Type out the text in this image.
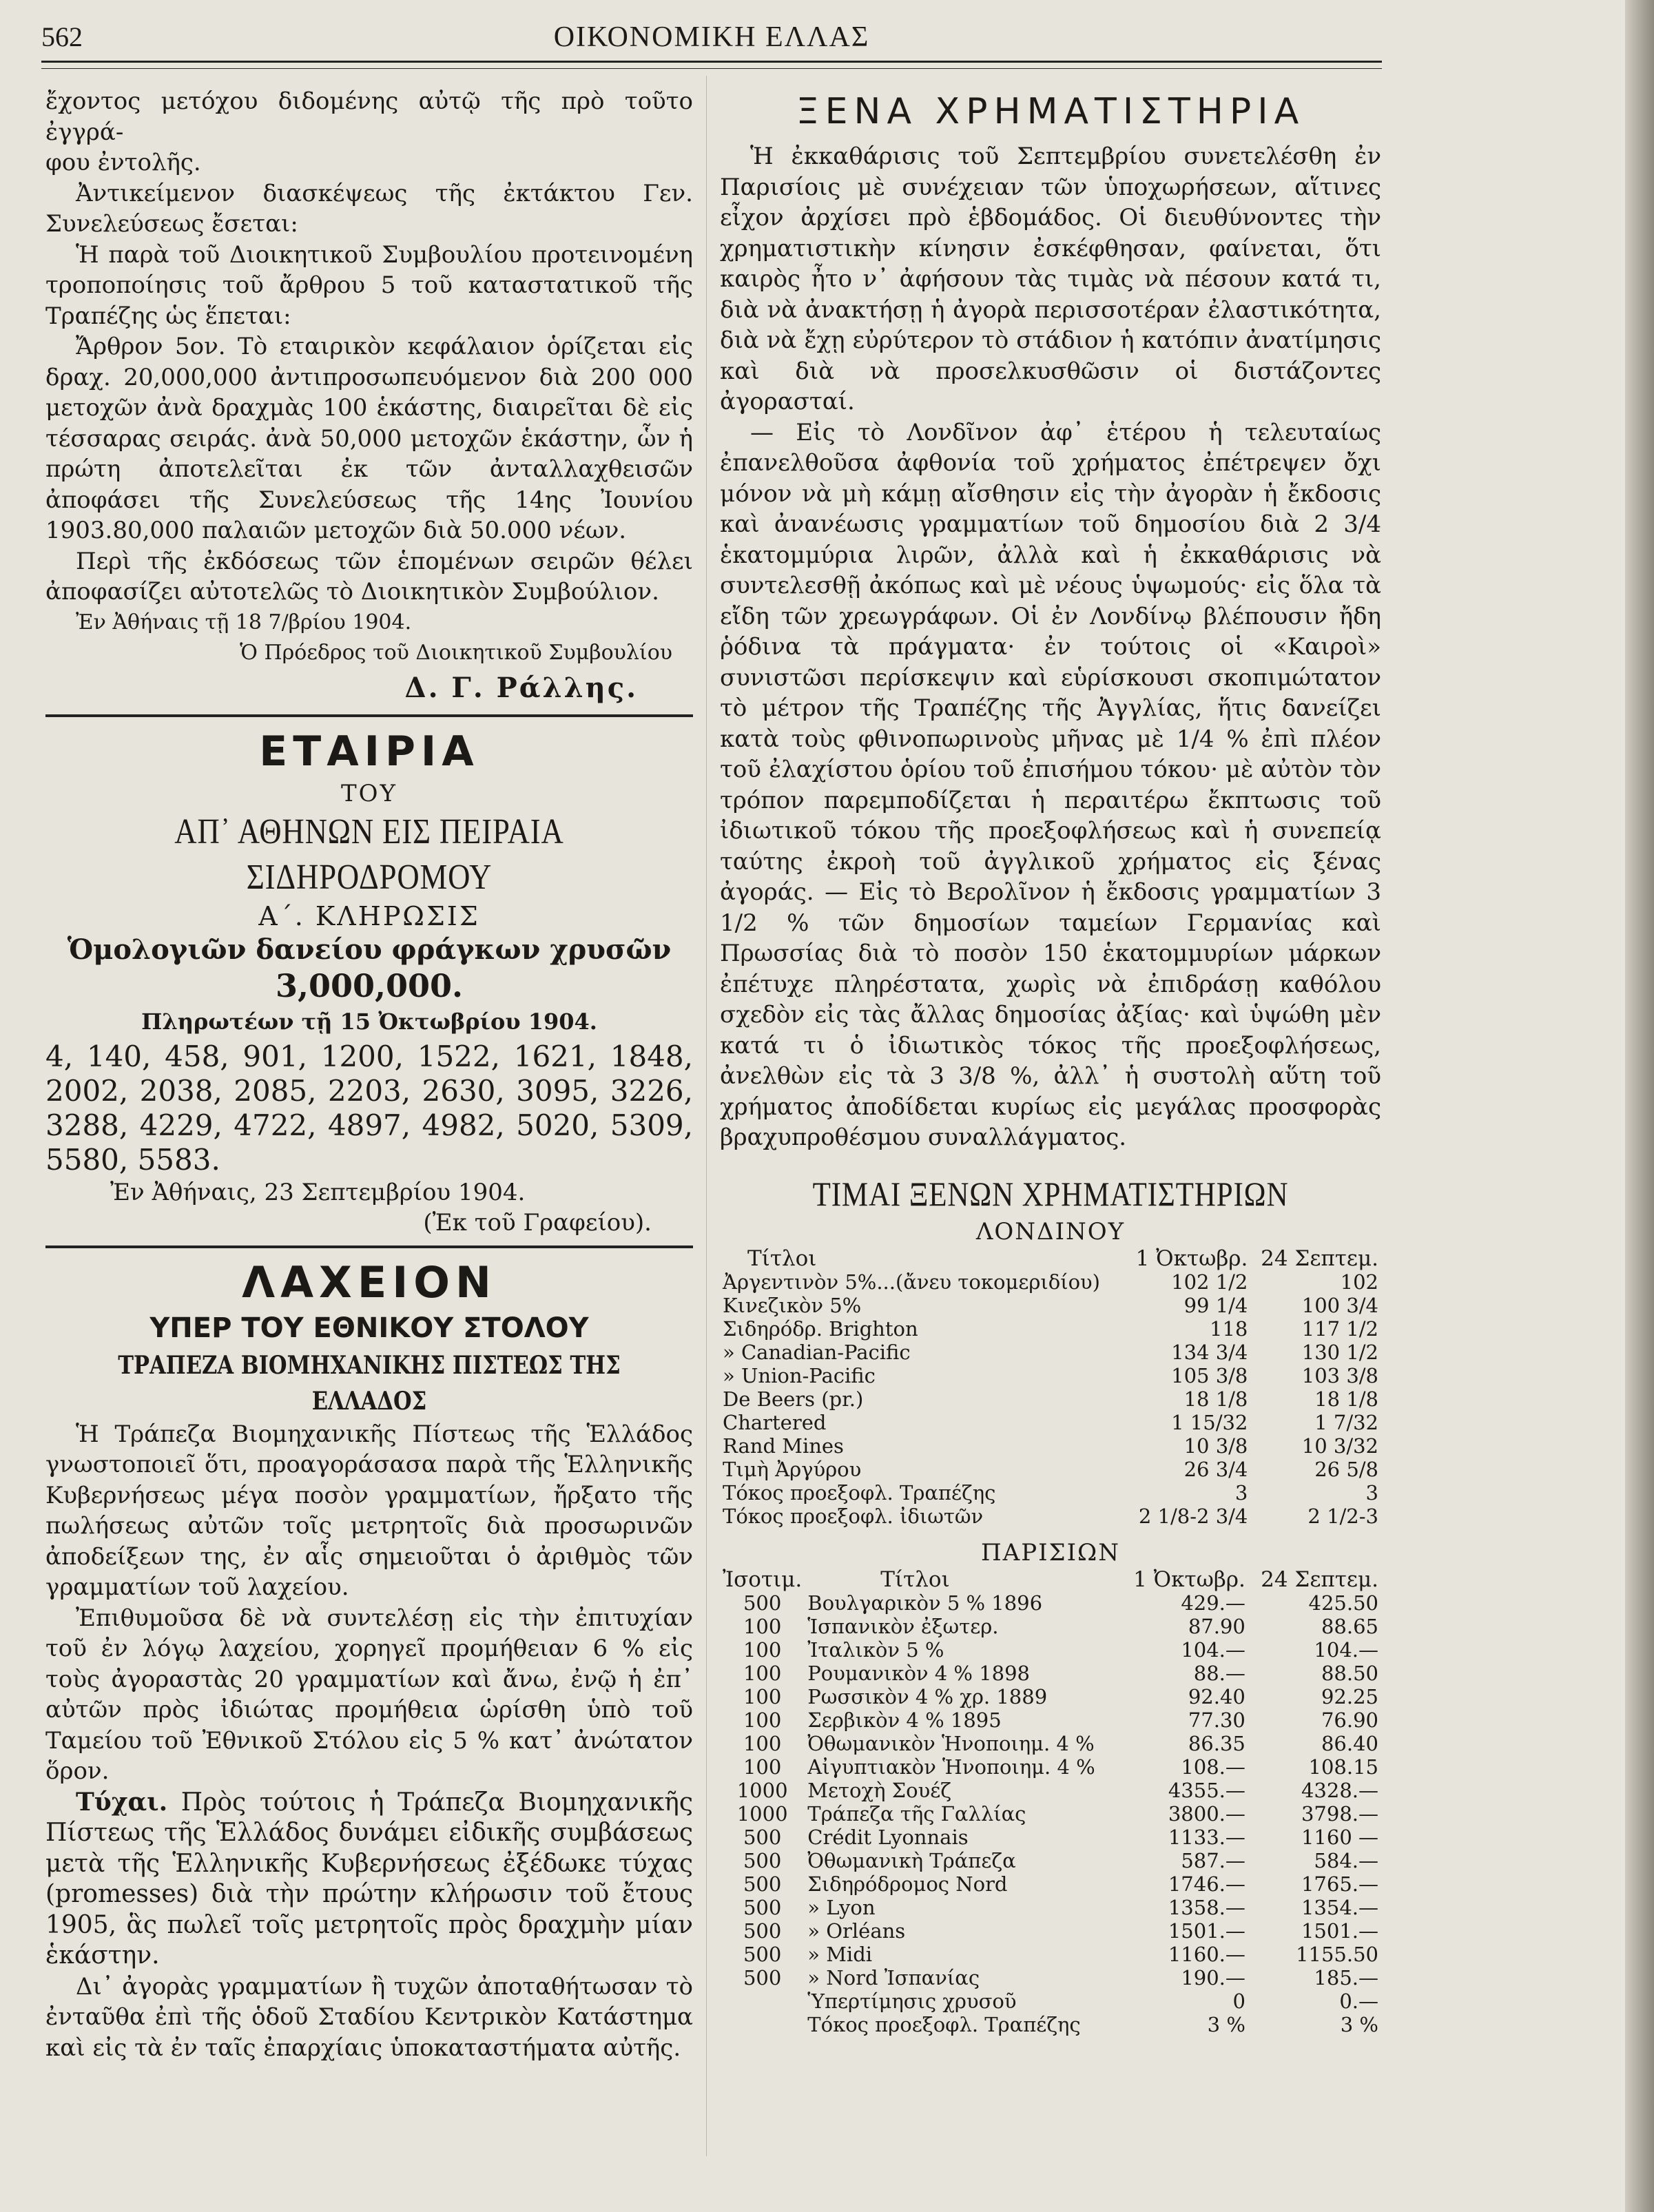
562	ΟΙΚΟΝΟΜΙΚΗ ΕΛΛΑΣ

ἔχοντος μετόχου διδομένης αὐτῷ τῆς πρὸ τοῦτο ἐγγρά-

φου ἐντολῆς.

Ἀντικείμενον διασκέψεως τῆς ἐκτάκτου Γεν. Συνελεύσεως ἔσεται:

Ἡ παρὰ τοῦ Διοικητικοῦ Συμβουλίου προτεινομένη τροποποίησις τοῦ ἄρθρου 5 τοῦ καταστατικοῦ τῆς Τραπέζης ὡς ἕπεται:

Ἄρθρον 5ον. Τὸ εταιρικὸν κεφάλαιον ὁρίζεται εἰς δραχ. 20,000,000 ἀντιπροσωπευόμενον διὰ 200 000 μετοχῶν ἀνὰ δραχμὰς 100 ἑκάστης, διαιρεῖται δὲ εἰς τέσσαρας σειράς. ἀνὰ 50,000 μετοχῶν ἑκάστην, ὧν ἡ πρώτη ἀποτελεῖται ἐκ τῶν ἀνταλλαχθεισῶν ἀποφάσει τῆς Συνελεύσεως τῆς 14ης Ἰουνίου 1903.80,000 παλαιῶν μετοχῶν διὰ 50.000 νέων.

Περὶ τῆς ἐκδόσεως τῶν ἑπομένων σειρῶν θέλει ἀποφασίζει αὐτοτελῶς τὸ Διοικητικὸν Συμβούλιον.

Ἐν Ἀθήναις τῇ 18 7/βρίου 1904.

Ὁ Πρόεδρος τοῦ Διοικητικοῦ Συμβουλίου

Δ. Γ. Ράλλης.
ΕΤΑΙΡΙΑ
ΤΟΥ
ΑΠ᾽ ΑΘΗΝΩΝ ΕΙΣ ΠΕΙΡΑΙΑ ΣΙΔΗΡΟΔΡΟΜΟΥ
Α΄. ΚΛΗΡΩΣΙΣ
Ὁμολογιῶν δανείου φράγκων χρυσῶν
3,000,000.
Πληρωτέων τῇ 15 Ὀκτωβρίου 1904.

4, 140, 458, 901, 1200, 1522, 1621, 1848, 2002, 2038, 2085, 2203, 2630, 3095, 3226, 3288, 4229, 4722, 4897, 4982, 5020, 5309, 5580, 5583.

Ἐν Ἀθήναις, 23 Σεπτεμβρίου 1904.

(Ἐκ τοῦ Γραφείου).

ΛΑΧΕΙΟΝ
ΥΠΕΡ ΤΟΥ ΕΘΝΙΚΟΥ ΣΤΟΛΟΥ
ΤΡΑΠΕΖΑ ΒΙΟΜΗΧΑΝΙΚΗΣ ΠΙΣΤΕΩΣ ΤΗΣ ΕΛΛΑΔΟΣ

Ἡ Τράπεζα Βιομηχανικῆς Πίστεως τῆς Ἑλλάδος γνωστοποιεῖ ὅτι, προαγοράσασα παρὰ τῆς Ἑλληνικῆς Κυβερνήσεως μέγα ποσὸν γραμματίων, ἤρξατο τῆς πωλήσεως αὐτῶν τοῖς μετρητοῖς διὰ προσωρινῶν ἀποδείξεων της, ἐν αἷς σημειοῦται ὁ ἀριθμὸς τῶν γραμματίων τοῦ λαχείου.

Ἐπιθυμοῦσα δὲ νὰ συντελέσῃ εἰς τὴν ἐπιτυχίαν τοῦ ἐν λόγῳ λαχείου, χορηγεῖ προμήθειαν 6 % εἰς τοὺς ἀγοραστὰς 20 γραμματίων καὶ ἄνω, ἐνῷ ἡ ἐπ᾽ αὐτῶν πρὸς ἰδιώτας προμήθεια ὡρίσθη ὑπὸ τοῦ Ταμείου τοῦ Ἐθνικοῦ Στόλου εἰς 5 % κατ᾽ ἀνώτατον ὅρον.

Τύχαι. Πρὸς τούτοις ἡ Τράπεζα Βιομηχανικῆς Πίστεως τῆς Ἑλλάδος δυνάμει εἰδικῆς συμβάσεως μετὰ τῆς Ἑλληνικῆς Κυβερνήσεως ἐξέδωκε τύχας (promesses) διὰ τὴν πρώτην κλήρωσιν τοῦ ἔτους 1905, ἃς πωλεῖ τοῖς μετρητοῖς πρὸς δραχμὴν μίαν ἑκάστην.

Δι᾽ ἀγορὰς γραμματίων ἢ τυχῶν ἀποταθήτωσαν τὸ ἐνταῦθα ἐπὶ τῆς ὁδοῦ Σταδίου Κεντρικὸν Κατάστημα καὶ εἰς τὰ ἐν ταῖς ἐπαρχίαις ὑποκαταστήματα αὐτῆς.

ΞΕΝΑ ΧΡΗΜΑΤΙΣΤΗΡΙΑ

Ἡ ἐκκαθάρισις τοῦ Σεπτεμβρίου συνετελέσθη ἐν Παρισίοις μὲ συνέχειαν τῶν ὑποχωρήσεων, αἵτινες εἶχον ἀρχίσει πρὸ ἑβδομάδος. Οἱ διευθύνοντες τὴν χρηματιστικὴν κίνησιν ἐσκέφθησαν, φαίνεται, ὅτι καιρὸς ἦτο ν᾽ ἀφήσουν τὰς τιμὰς νὰ πέσουν κατά τι, διὰ νὰ ἀνακτήσῃ ἡ ἀγορὰ περισσοτέραν ἐλαστικότητα, διὰ νὰ ἔχῃ εὐρύτερον τὸ στάδιον ἡ κατόπιν ἀνατίμησις καὶ διὰ νὰ προσελκυσθῶσιν οἱ διστάζοντες ἀγορασταί.

— Εἰς τὸ Λονδῖνον ἀφ᾽ ἑτέρου ἡ τελευταίως ἐπανελθοῦσα ἀφθονία τοῦ χρήματος ἐπέτρεψεν ὄχι μόνον νὰ μὴ κάμῃ αἴσθησιν εἰς τὴν ἀγορὰν ἡ ἔκδοσις καὶ ἀνανέωσις γραμματίων τοῦ δημοσίου διὰ 2 3/4 ἑκατομμύρια λιρῶν, ἀλλὰ καὶ ἡ ἐκκαθάρισις νὰ συντελεσθῇ ἀκόπως καὶ μὲ νέους ὑψωμούς· εἰς ὅλα τὰ εἴδη τῶν χρεωγράφων. Οἱ ἐν Λονδίνῳ βλέπουσιν ἤδη ῥόδινα τὰ πράγματα· ἐν τούτοις οἱ «Καιροὶ» συνιστῶσι περίσκεψιν καὶ εὑρίσκουσι σκοπιμώτατον τὸ μέτρον τῆς Τραπέζης τῆς Ἀγγλίας, ἥτις δανείζει κατὰ τοὺς φθινοπωρινοὺς μῆνας μὲ 1/4 % ἐπὶ πλέον τοῦ ἐλαχίστου ὁρίου τοῦ ἐπισήμου τόκου· μὲ αὐτὸν τὸν τρόπον παρεμποδίζεται ἡ περαιτέρω ἔκπτωσις τοῦ ἰδιωτικοῦ τόκου τῆς προεξοφλήσεως καὶ ἡ συνεπείᾳ ταύτης ἐκροὴ τοῦ ἀγγλικοῦ χρήματος εἰς ξένας ἀγοράς. — Εἰς τὸ Βερολῖνον ἡ ἔκδοσις γραμματίων 3 1/2 % τῶν δημοσίων ταμείων Γερμανίας καὶ Πρωσσίας διὰ τὸ ποσὸν 150 ἑκατομμυρίων μάρκων ἐπέτυχε πληρέστατα, χωρὶς νὰ ἐπιδράσῃ καθόλου σχεδὸν εἰς τὰς ἄλλας δημοσίας ἀξίας· καὶ ὑψώθη μὲν κατά τι ὁ ἰδιωτικὸς τόκος τῆς προεξοφλήσεως, ἀνελθὼν εἰς τὰ 3 3/8 %, ἀλλ᾽ ἡ συστολὴ αὕτη τοῦ χρήματος ἀποδίδεται κυρίως εἰς μεγάλας προσφορὰς βραχυπροθέσμου συναλλάγματος.

ΤΙΜΑΙ ΞΕΝΩΝ ΧΡΗΜΑΤΙΣΤΗΡΙΩΝ
ΛΟΝΔΙΝΟΥ
Τίτλοι	1 Ὀκτωβρ.	24 Σεπτεμ.
Ἀργεντινὸν 5%...(ἄνευ τοκομεριδίου)	102 1/2	102
Κινεζικὸν 5%	99 1/4	100 3/4
Σιδηρόδρ. Brighton	118	117 1/2
» Canadian-Pacific	134 3/4	130 1/2
» Union-Pacific	105 3/8	103 3/8
De Beers (pr.)	18 1/8	18 1/8
Chartered	1 15/32	1 7/32
Rand Mines	10 3/8	10 3/32
Τιμὴ Ἀργύρου	26 3/4	26 5/8
Τόκος προεξοφλ. Τραπέζης	3	3
Τόκος προεξοφλ. ἰδιωτῶν	2 1/8-2 3/4	2 1/2-3
ΠΑΡΙΣΙΩΝ
Ἰσοτιμ.	Τίτλοι	1 Ὀκτωβρ.	24 Σεπτεμ.
500	Βουλγαρικὸν 5 % 1896	429.—	425.50
100	Ἱσπανικὸν ἐξωτερ.	87.90	88.65
100	Ἰταλικὸν 5 %	104.—	104.—
100	Ρουμανικὸν 4 % 1898	88.—	88.50
100	Ρωσσικὸν 4 % χρ. 1889	92.40	92.25
100	Σερβικὸν 4 % 1895	77.30	76.90
100	Ὀθωμανικὸν Ἡνοποιημ. 4 %	86.35	86.40
100	Αἰγυπτιακὸν Ἡνοποιημ. 4 %	108.—	108.15
1000	Μετοχὴ Σουέζ	4355.—	4328.—
1000	Τράπεζα τῆς Γαλλίας	3800.—	3798.—
500	Crédit Lyonnais	1133.—	1160 —
500	Ὀθωμανικὴ Τράπεζα	587.—	584.—
500	Σιδηρόδρομος Nord	1746.—	1765.—
500	» Lyon	1358.—	1354.—
500	» Orléans	1501.—	1501.—
500	» Midi	1160.—	1155.50
500	» Nord Ἰσπανίας	190.—	185.—
	Ὑπερτίμησις χρυσοῦ	0	0.—
	Τόκος προεξοφλ. Τραπέζης	3 %	3 %
